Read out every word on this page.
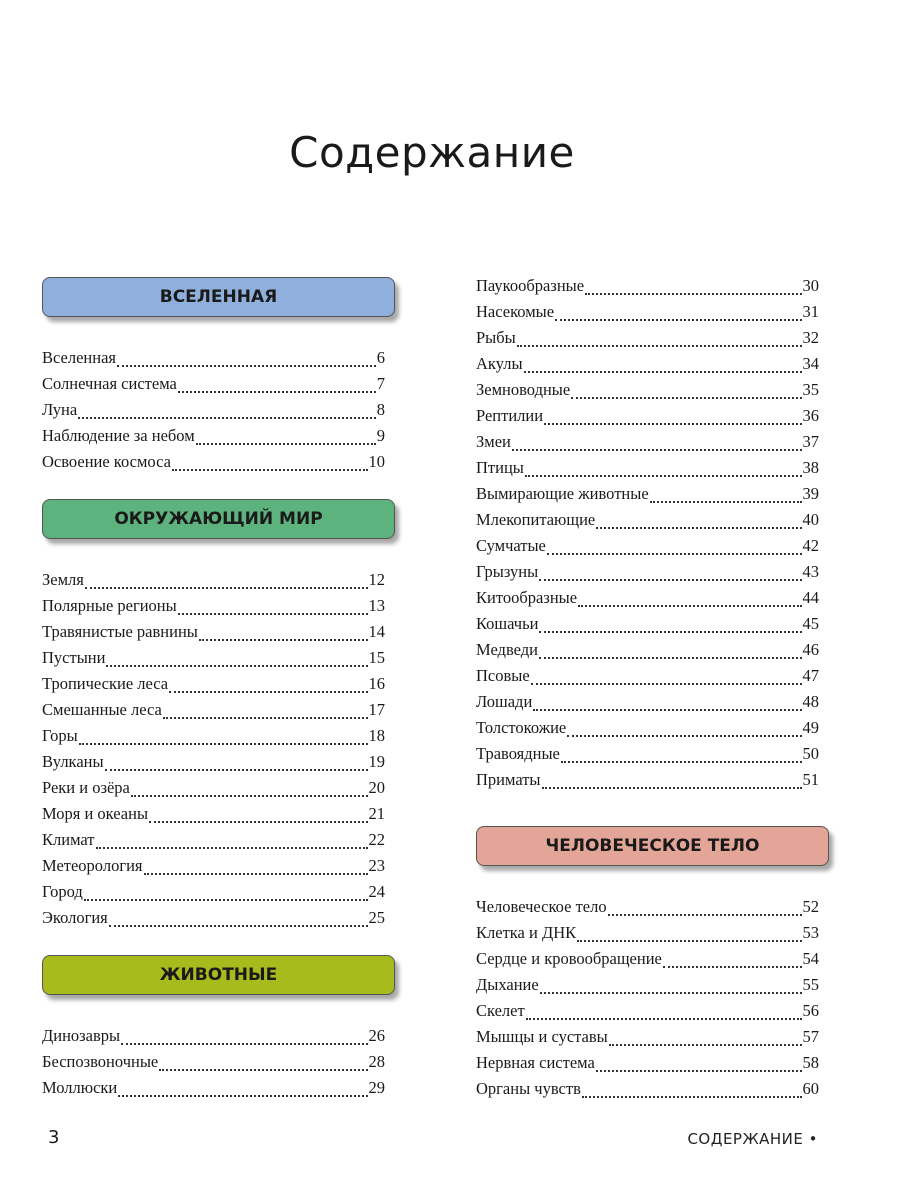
Содержание
ВСЕЛЕННАЯ
Вселенная	6
Солнечная система	7
Луна	8
Наблюдение за небом	9
Освоение космоса	10
ОКРУЖАЮЩИЙ МИР
Земля	12
Полярные регионы	13
Травянистые равнины	14
Пустыни	15
Тропические леса	16
Смешанные леса	17
Горы	18
Вулканы	19
Реки и озёра	20
Моря и океаны	21
Климат	22
Метеорология	23
Город	24
Экология	25
ЖИВОТНЫЕ
Динозавры	26
Беспозвоночные	28
Моллюски	29
Паукообразные	30
Насекомые	31
Рыбы	32
Акулы	34
Земноводные	35
Рептилии	36
Змеи	37
Птицы	38
Вымирающие животные	39
Млекопитающие	40
Сумчатые	42
Грызуны	43
Китообразные	44
Кошачьи	45
Медведи	46
Псовые	47
Лошади	48
Толстокожие	49
Травоядные	50
Приматы	51
ЧЕЛОВЕЧЕСКОЕ ТЕЛО
Человеческое тело	52
Клетка и ДНК	53
Сердце и кровообращение	54
Дыхание	55
Скелет	56
Мышцы и суставы	57
Нервная система	58
Органы чувств	60
3	СОДЕРЖАНИЕ •
